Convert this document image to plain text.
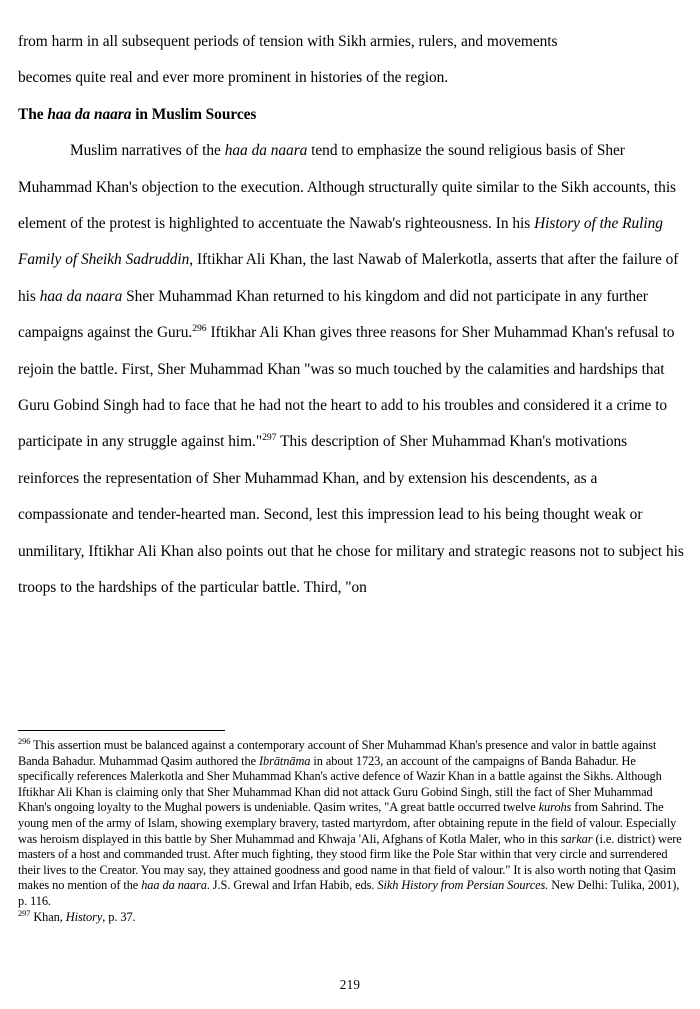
from harm in all subsequent periods of tension with Sikh armies, rulers, and movements
becomes quite real and ever more prominent in histories of the region.

The haa da naara in Muslim Sources

Muslim narratives of the haa da naara tend to emphasize the sound religious basis of Sher Muhammad Khan's objection to the execution. Although structurally quite similar to the Sikh accounts, this element of the protest is highlighted to accentuate the Nawab's righteousness. In his History of the Ruling Family of Sheikh Sadruddin, Iftikhar Ali Khan, the last Nawab of Malerkotla, asserts that after the failure of his haa da naara Sher Muhammad Khan returned to his kingdom and did not participate in any further campaigns against the Guru.$^{296}$ Iftikhar Ali Khan gives three reasons for Sher Muhammad Khan's refusal to rejoin the battle. First, Sher Muhammad Khan "was so much touched by the calamities and hardships that Guru Gobind Singh had to face that he had not the heart to add to his troubles and considered it a crime to participate in any struggle against him."$^{297}$ This description of Sher Muhammad Khan's motivations reinforces the representation of Sher Muhammad Khan, and by extension his descendents, as a compassionate and tender-hearted man. Second, lest this impression lead to his being thought weak or unmilitary, Iftikhar Ali Khan also points out that he chose for military and strategic reasons not to subject his troops to the hardships of the particular battle. Third, "on

$^{296}$ This assertion must be balanced against a contemporary account of Sher Muhammad Khan's presence and valor in battle against Banda Bahadur. Muhammad Qasim authored the Ibrātnāma in about 1723, an account of the campaigns of Banda Bahadur. He specifically references Malerkotla and Sher Muhammad Khan's active defence of Wazir Khan in a battle against the Sikhs. Although Iftikhar Ali Khan is claiming only that Sher Muhammad Khan did not attack Guru Gobind Singh, still the fact of Sher Muhammad Khan's ongoing loyalty to the Mughal powers is undeniable. Qasim writes, "A great battle occurred twelve kurohs from Sahrind. The young men of the army of Islam, showing exemplary bravery, tasted martyrdom, after obtaining repute in the field of valour. Especially was heroism displayed in this battle by Sher Muhammad and Khwaja 'Ali, Afghans of Kotla Maler, who in this sarkar (i.e. district) were masters of a host and commanded trust. After much fighting, they stood firm like the Pole Star within that very circle and surrendered their lives to the Creator. You may say, they attained goodness and good name in that field of valour." It is also worth noting that Qasim makes no mention of the haa da naara. J.S. Grewal and Irfan Habib, eds. Sikh History from Persian Sources. New Delhi: Tulika, 2001), p. 116.

$^{297}$ Khan, History, p. 37.

219
